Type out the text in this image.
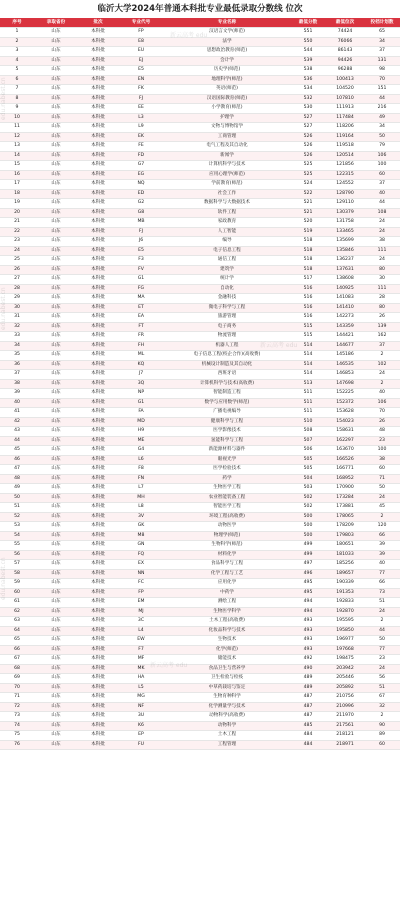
临沂大学2024年普通本科批专业最低录取分数线 位次
序号	录取省份	批次	专业代号	专业名称	最低分数	最低位次	投档计划数
1	山东	本科批	FP	汉语言文学(师范)	551	74424	65
2	山东	本科批	E8	法学	550	76066	34
3	山东	本科批	EU	思想政治教育(师范)	544	86143	37
4	山东	本科批	EJ	会计学	539	94426	131
5	山东	本科批	E5	历史学(师范)	538	96288	98
6	山东	本科批	EN	地理科学(师范)	536	100413	70
7	山东	本科批	FK	英语(师范)	534	104520	151
8	山东	本科批	FJ	汉语国际教育(师范)	532	107810	44
9	山东	本科批	EE	小学教育(师范)	530	111913	216
10	山东	本科批	L3	护理学	527	117484	49
11	山东	本科批	L9	文物与博物馆学	527	118206	34
12	山东	本科批	EK	工商管理	526	119164	50
13	山东	本科批	FE	电气工程及其自动化	526	119518	79
14	山东	本科批	FD	新闻学	526	120514	106
15	山东	本科批	G7	计算机科学与技术	525	121856	100
16	山东	本科批	EG	应用心理学(师范)	525	122315	60
17	山东	本科批	NQ	学前教育(师范)	524	124552	37
18	山东	本科批	ED	社会工作	522	128790	40
19	山东	本科批	G2	数据科学与大数据技术	521	129110	44
20	山东	本科批	G8	软件工程	521	130379	108
21	山东	本科批	MB	家政教育	520	131758	24
22	山东	本科批	FJ	人工智能	519	133465	24
23	山东	本科批	J6	编导	518	135699	38
24	山东	本科批	E5	电子信息工程	518	135846	111
25	山东	本科批	F3	通信工程	518	136237	24
26	山东	本科批	FV	建筑学	518	137631	80
27	山东	本科批	G1	统计学	517	138608	30
28	山东	本科批	FG	自动化	516	140925	111
29	山东	本科批	MA	金融科技	516	141083	28
30	山东	本科批	ET	微电子科学与工程	516	141410	80
31	山东	本科批	EA	旅游管理	516	142273	26
32	山东	本科批	FT	电子商务	515	143359	139
33	山东	本科批	FR	物流管理	515	144421	162
34	山东	本科批	FH	机器人工程	514	144677	37
35	山东	本科批	ML	电子信息工程(校企合作)(高收费)	514	145186	2
36	山东	本科批	KQ	机械设计制造及其自动化	514	146535	102
37	山东	本科批	J7	西班牙语	514	146853	24
38	山东	本科批	3Q	计算机科学与技术(高收费)	513	147698	2
39	山东	本科批	NP	智能制造工程	511	152225	40
40	山东	本科批	G1	数学与应用数学(师范)	511	152372	106
41	山东	本科批	FA	广播电视编导	511	153628	70
42	山东	本科批	MD	健康科学与工程	510	154023	26
43	山东	本科批	H9	医学影像技术	508	158631	48
44	山东	本科批	ME	氢能科学与工程	507	162297	23
45	山东	本科批	G4	新能源材料与器件	506	163670	100
46	山东	本科批	L6	眼视光学	505	166526	38
47	山东	本科批	F8	医学检验技术	505	166771	60
48	山东	本科批	FN	药学	504	168952	71
49	山东	本科批	L7	生物医学工程	503	170900	50
50	山东	本科批	MH	农业智能装备工程	502	173284	24
51	山东	本科批	L8	智能医学工程	502	173881	45
52	山东	本科批	3V	环境工程(高收费)	500	178065	2
53	山东	本科批	GK	动物医学	500	178209	120
54	山东	本科批	M8	物理学(师范)	500	179803	66
55	山东	本科批	GN	生物科学(师范)	499	180651	39
56	山东	本科批	FQ	材料化学	499	181033	39
57	山东	本科批	EX	食品科学与工程	497	185256	40
58	山东	本科批	NN	化学工程与工艺	496	189657	77
59	山东	本科批	FC	应用化学	495	190339	66
60	山东	本科批	FP	中药学	495	191353	73
61	山东	本科批	EM	测绘工程	494	192833	51
62	山东	本科批	MJ	生物医学科学	494	192870	24
63	山东	本科批	3C	土木工程(高收费)	493	195595	2
64	山东	本科批	L4	化妆品科学与技术	493	195850	44
65	山东	本科批	EW	生物技术	493	196977	50
66	山东	本科批	F7	化学(师范)	493	197668	77
67	山东	本科批	MF	储能技术	492	198475	23
68	山东	本科批	MK	食品卫生与营养学	490	203942	24
69	山东	本科批	HA	卫生检验与检疫	489	205446	56
70	山东	本科批	L5	中草药栽培与鉴定	489	205892	51
71	山东	本科批	MG	生物育种科学	487	210756	67
72	山东	本科批	NF	化学测量学与技术	487	210996	32
73	山东	本科批	3U	动物科学(高收费)	487	211970	2
74	山东	本科批	K6	动物科学	485	217561	90
75	山东	本科批	EP	土木工程	484	218121	89
76	山东	本科批	FU	工程管理	484	218971	60
edu.nabest.cn
edu.nabest.cn
edu.nabest.cn
新云高考 edu
新云高考 edu
新云高考 edu
